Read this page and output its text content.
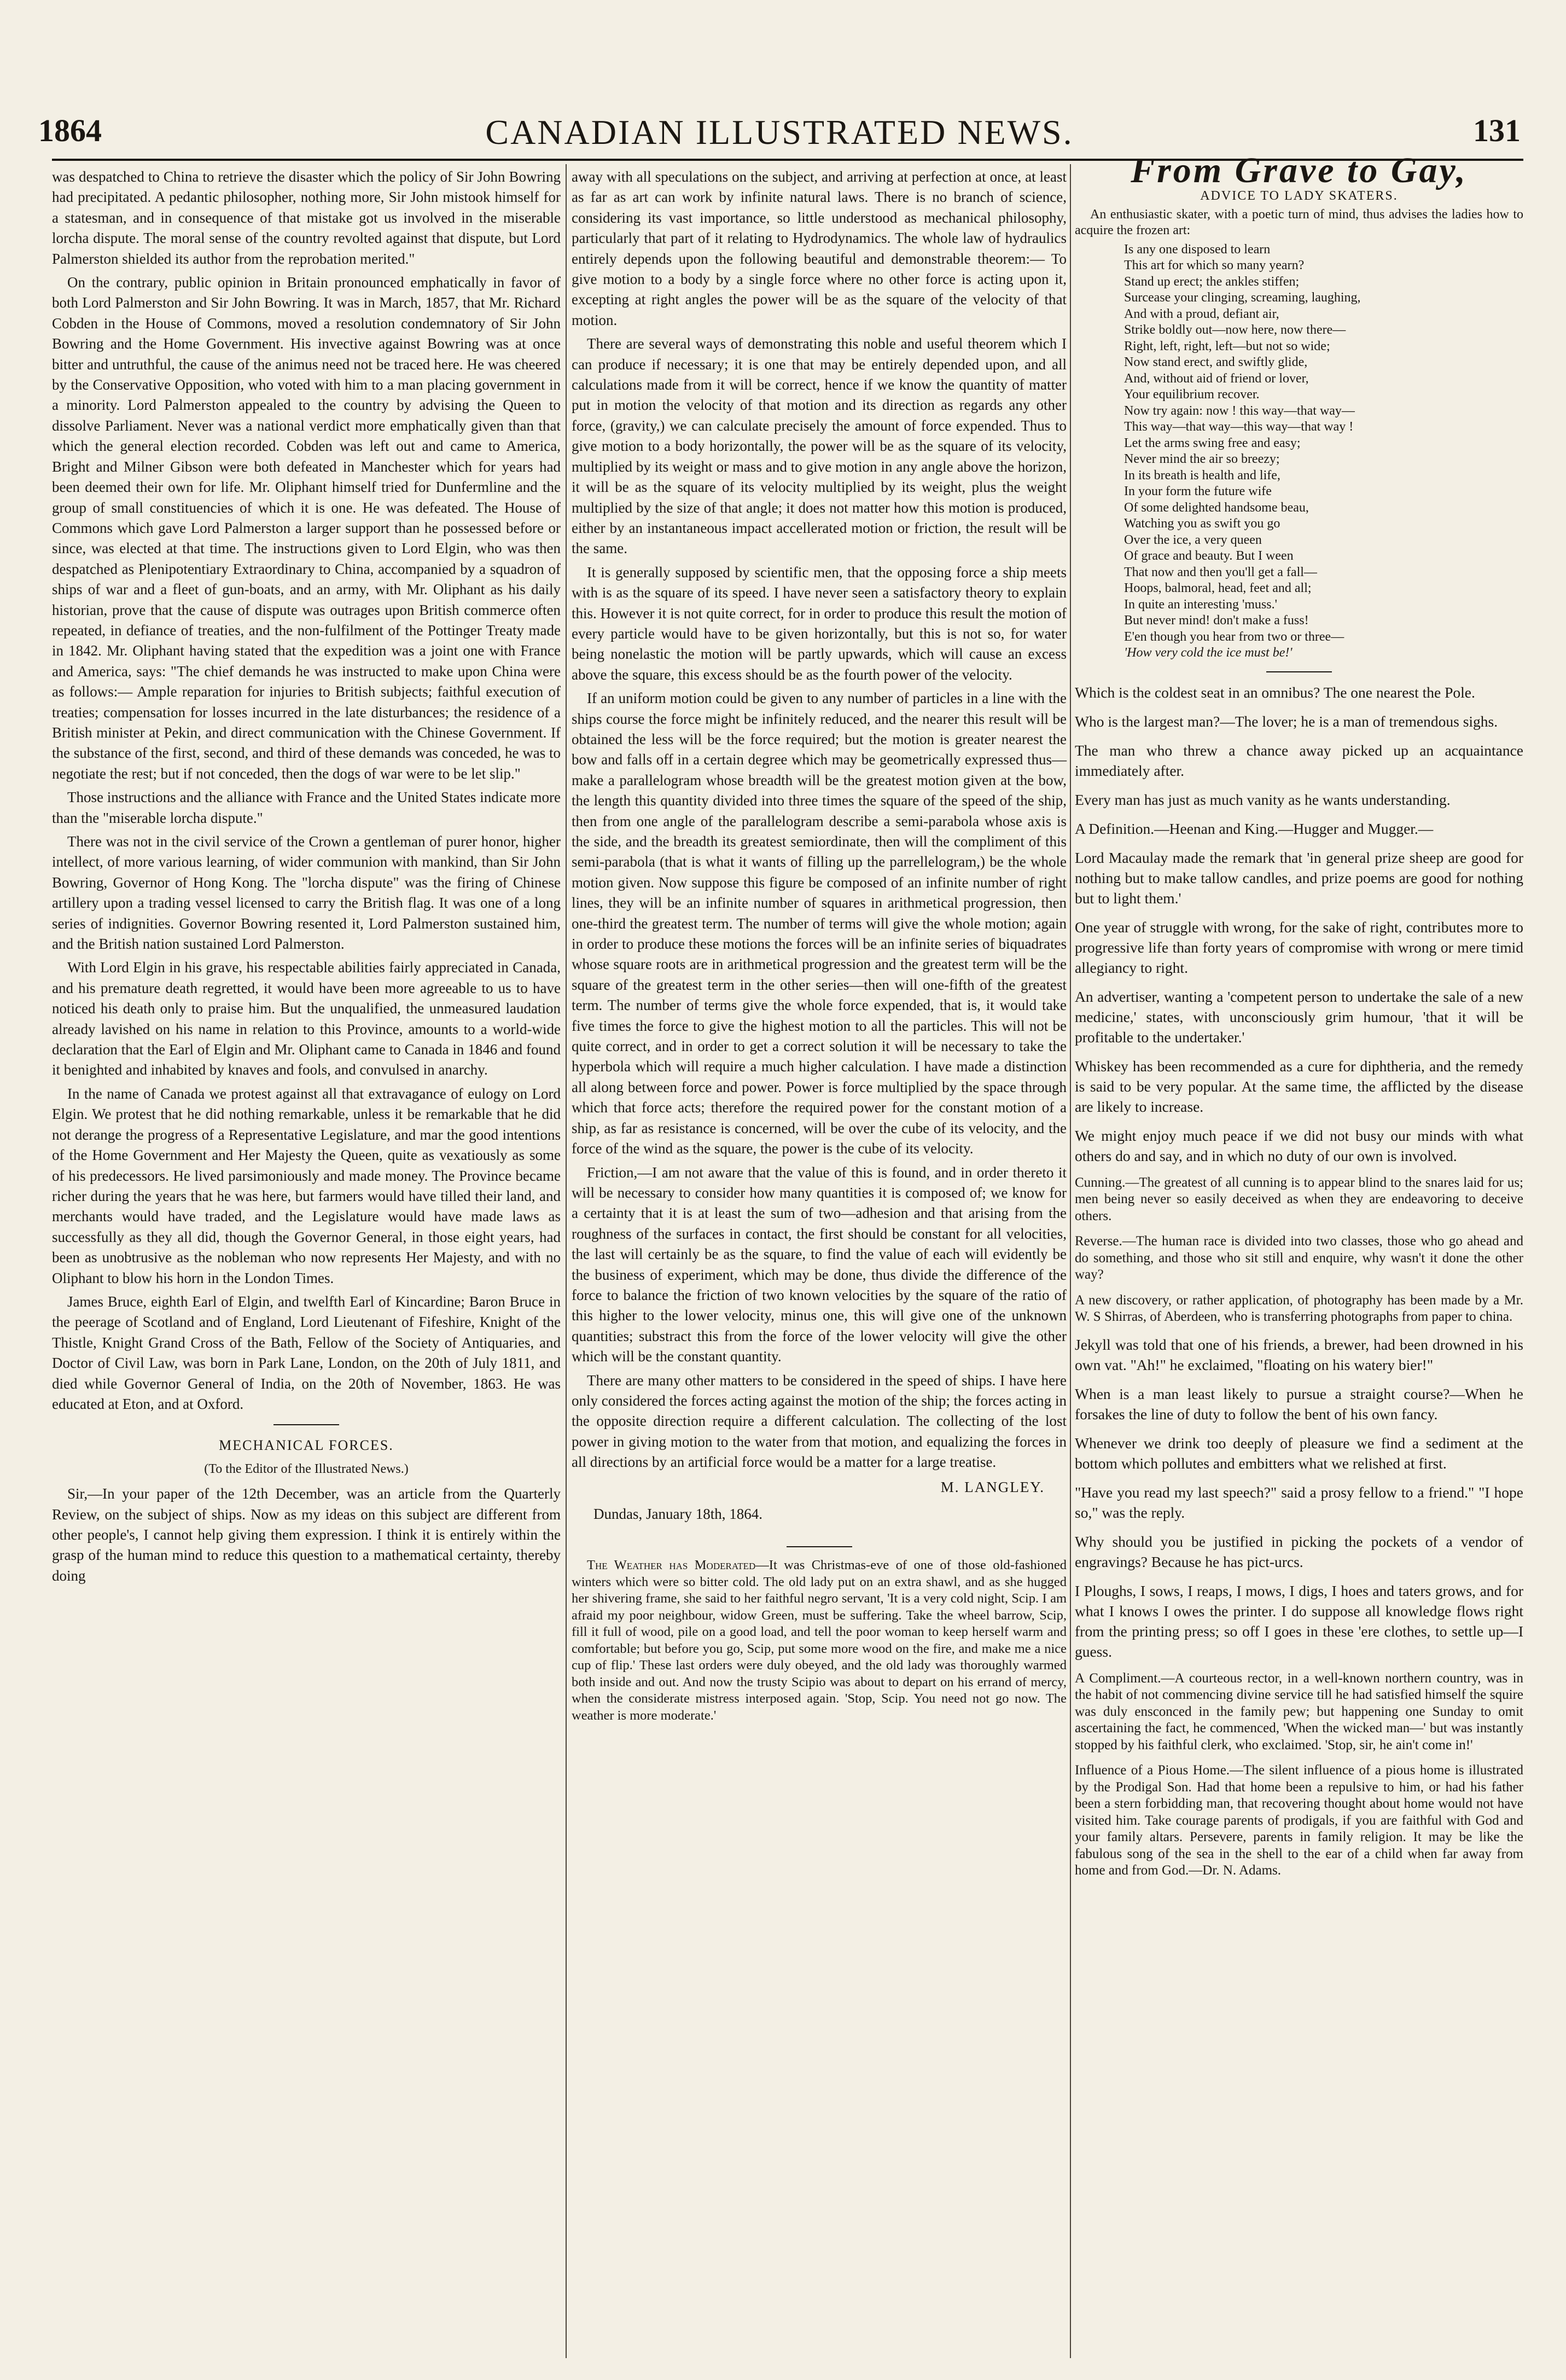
1864	CANADIAN ILLUSTRATED NEWS.	131

was despatched to China to retrieve the disaster which the policy of Sir John Bowring had precipitated. A pedantic philosopher, nothing more, Sir John mistook himself for a statesman, and in consequence of that mistake got us involved in the miserable lorcha dispute. The moral sense of the country revolted against that dispute, but Lord Palmerston shielded its author from the reprobation merited."

On the contrary, public opinion in Britain pronounced emphatically in favor of both Lord Palmerston and Sir John Bowring. It was in March, 1857, that Mr. Richard Cobden in the House of Commons, moved a resolution condemnatory of Sir John Bowring and the Home Government. His invective against Bowring was at once bitter and untruthful, the cause of the animus need not be traced here. He was cheered by the Conservative Opposition, who voted with him to a man placing government in a minority. Lord Palmerston appealed to the country by advising the Queen to dissolve Parliament. Never was a national verdict more emphatically given than that which the general election recorded. Cobden was left out and came to America, Bright and Milner Gibson were both defeated in Manchester which for years had been deemed their own for life. Mr. Oliphant himself tried for Dunfermline and the group of small constituencies of which it is one. He was defeated. The House of Commons which gave Lord Palmerston a larger support than he possessed before or since, was elected at that time. The instructions given to Lord Elgin, who was then despatched as Plenipotentiary Extraordinary to China, accompanied by a squadron of ships of war and a fleet of gun-boats, and an army, with Mr. Oliphant as his daily historian, prove that the cause of dispute was outrages upon British commerce often repeated, in defiance of treaties, and the non-fulfilment of the Pottinger Treaty made in 1842. Mr. Oliphant having stated that the expedition was a joint one with France and America, says: "The chief demands he was instructed to make upon China were as follows:— Ample reparation for injuries to British subjects; faithful execution of treaties; compensation for losses incurred in the late disturbances; the residence of a British minister at Pekin, and direct communication with the Chinese Government. If the substance of the first, second, and third of these demands was conceded, he was to negotiate the rest; but if not conceded, then the dogs of war were to be let slip."

Those instructions and the alliance with France and the United States indicate more than the "miserable lorcha dispute."

There was not in the civil service of the Crown a gentleman of purer honor, higher intellect, of more various learning, of wider communion with mankind, than Sir John Bowring, Governor of Hong Kong. The "lorcha dispute" was the firing of Chinese artillery upon a trading vessel licensed to carry the British flag. It was one of a long series of indignities. Governor Bowring resented it, Lord Palmerston sustained him, and the British nation sustained Lord Palmerston.

With Lord Elgin in his grave, his respectable abilities fairly appreciated in Canada, and his premature death regretted, it would have been more agreeable to us to have noticed his death only to praise him. But the unqualified, the unmeasured laudation already lavished on his name in relation to this Province, amounts to a world-wide declaration that the Earl of Elgin and Mr. Oliphant came to Canada in 1846 and found it benighted and inhabited by knaves and fools, and convulsed in anarchy.

In the name of Canada we protest against all that extravagance of eulogy on Lord Elgin. We protest that he did nothing remarkable, unless it be remarkable that he did not derange the progress of a Representative Legislature, and mar the good intentions of the Home Government and Her Majesty the Queen, quite as vexatiously as some of his predecessors. He lived parsimoniously and made money. The Province became richer during the years that he was here, but farmers would have tilled their land, and merchants would have traded, and the Legislature would have made laws as successfully as they all did, though the Governor General, in those eight years, had been as unobtrusive as the nobleman who now represents Her Majesty, and with no Oliphant to blow his horn in the London Times.

James Bruce, eighth Earl of Elgin, and twelfth Earl of Kincardine; Baron Bruce in the peerage of Scotland and of England, Lord Lieutenant of Fifeshire, Knight of the Thistle, Knight Grand Cross of the Bath, Fellow of the Society of Antiquaries, and Doctor of Civil Law, was born in Park Lane, London, on the 20th of July 1811, and died while Governor General of India, on the 20th of November, 1863. He was educated at Eton, and at Oxford.

MECHANICAL FORCES.
(To the Editor of the Illustrated News.)

Sir,—In your paper of the 12th December, was an article from the Quarterly Review, on the subject of ships. Now as my ideas on this subject are different from other people's, I cannot help giving them expression. I think it is entirely within the grasp of the human mind to reduce this question to a mathematical certainty, thereby doing

away with all speculations on the subject, and arriving at perfection at once, at least as far as art can work by infinite natural laws. There is no branch of science, considering its vast importance, so little understood as mechanical philosophy, particularly that part of it relating to Hydrodynamics. The whole law of hydraulics entirely depends upon the following beautiful and demonstrable theorem:— To give motion to a body by a single force where no other force is acting upon it, excepting at right angles the power will be as the square of the velocity of that motion.

There are several ways of demonstrating this noble and useful theorem which I can produce if necessary; it is one that may be entirely depended upon, and all calculations made from it will be correct, hence if we know the quantity of matter put in motion the velocity of that motion and its direction as regards any other force, (gravity,) we can calculate precisely the amount of force expended. Thus to give motion to a body horizontally, the power will be as the square of its velocity, multiplied by its weight or mass and to give motion in any angle above the horizon, it will be as the square of its velocity multiplied by its weight, plus the weight multiplied by the size of that angle; it does not matter how this motion is produced, either by an instantaneous impact accellerated motion or friction, the result will be the same.

It is generally supposed by scientific men, that the opposing force a ship meets with is as the square of its speed. I have never seen a satisfactory theory to explain this. However it is not quite correct, for in order to produce this result the motion of every particle would have to be given horizontally, but this is not so, for water being nonelastic the motion will be partly upwards, which will cause an excess above the square, this excess should be as the fourth power of the velocity.

If an uniform motion could be given to any number of particles in a line with the ships course the force might be infinitely reduced, and the nearer this result will be obtained the less will be the force required; but the motion is greater nearest the bow and falls off in a certain degree which may be geometrically expressed thus—make a parallelogram whose breadth will be the greatest motion given at the bow, the length this quantity divided into three times the square of the speed of the ship, then from one angle of the parallelogram describe a semi-parabola whose axis is the side, and the breadth its greatest semiordinate, then will the compliment of this semi-parabola (that is what it wants of filling up the parrellelogram,) be the whole motion given. Now suppose this figure be composed of an infinite number of right lines, they will be an infinite number of squares in arithmetical progression, then one-third the greatest term. The number of terms will give the whole motion; again in order to produce these motions the forces will be an infinite series of biquadrates whose square roots are in arithmetical progression and the greatest term will be the square of the greatest term in the other series—then will one-fifth of the greatest term. The number of terms give the whole force expended, that is, it would take five times the force to give the highest motion to all the particles. This will not be quite correct, and in order to get a correct solution it will be necessary to take the hyperbola which will require a much higher calculation. I have made a distinction all along between force and power. Power is force multiplied by the space through which that force acts; therefore the required power for the constant motion of a ship, as far as resistance is concerned, will be over the cube of its velocity, and the force of the wind as the square, the power is the cube of its velocity.

Friction,—I am not aware that the value of this is found, and in order thereto it will be necessary to consider how many quantities it is composed of; we know for a certainty that it is at least the sum of two—adhesion and that arising from the roughness of the surfaces in contact, the first should be constant for all velocities, the last will certainly be as the square, to find the value of each will evidently be the business of experiment, which may be done, thus divide the difference of the force to balance the friction of two known velocities by the square of the ratio of this higher to the lower velocity, minus one, this will give one of the unknown quantities; substract this from the force of the lower velocity will give the other which will be the constant quantity.

There are many other matters to be considered in the speed of ships. I have here only considered the forces acting against the motion of the ship; the forces acting in the opposite direction require a different calculation. The collecting of the lost power in giving motion to the water from that motion, and equalizing the forces in all directions by an artificial force would be a matter for a large treatise.

M. LANGLEY.
Dundas, January 18th, 1864.

The Weather has Moderated—It was Christmas-eve of one of those old-fashioned winters which were so bitter cold. The old lady put on an extra shawl, and as she hugged her shivering frame, she said to her faithful negro servant, 'It is a very cold night, Scip. I am afraid my poor neighbour, widow Green, must be suffering. Take the wheel barrow, Scip, fill it full of wood, pile on a good load, and tell the poor woman to keep herself warm and comfortable; but before you go, Scip, put some more wood on the fire, and make me a nice cup of flip.' These last orders were duly obeyed, and the old lady was thoroughly warmed both inside and out. And now the trusty Scipio was about to depart on his errand of mercy, when the considerate mistress interposed again. 'Stop, Scip. You need not go now. The weather is more moderate.'

From Grave to Gay,
ADVICE TO LADY SKATERS.

An enthusiastic skater, with a poetic turn of mind, thus advises the ladies how to acquire the frozen art:

Is any one disposed to learn
This art for which so many yearn?
Stand up erect; the ankles stiffen;
Surcease your clinging, screaming, laughing,
And with a proud, defiant air,
Strike boldly out—now here, now there—
Right, left, right, left—but not so wide;
Now stand erect, and swiftly glide,
And, without aid of friend or lover,
Your equilibrium recover.
Now try again: now ! this way—that way—
This way—that way—this way—that way !
Let the arms swing free and easy;
Never mind the air so breezy;
In its breath is health and life,
In your form the future wife
Of some delighted handsome beau,
Watching you as swift you go
Over the ice, a very queen
Of grace and beauty. But I ween
That now and then you'll get a fall—
Hoops, balmoral, head, feet and all;
In quite an interesting 'muss.'
But never mind! don't make a fuss!
E'en though you hear from two or three—
'How very cold the ice must be!'

Which is the coldest seat in an omnibus? The one nearest the Pole.

Who is the largest man?—The lover; he is a man of tremendous sighs.

The man who threw a chance away picked up an acquaintance immediately after.

Every man has just as much vanity as he wants understanding.

A Definition.—Heenan and King.—Hugger and Mugger.—

Lord Macaulay made the remark that 'in general prize sheep are good for nothing but to make tallow candles, and prize poems are good for nothing but to light them.'

One year of struggle with wrong, for the sake of right, contributes more to progressive life than forty years of compromise with wrong or mere timid allegiancy to right.

An advertiser, wanting a 'competent person to undertake the sale of a new medicine,' states, with unconsciously grim humour, 'that it will be profitable to the undertaker.'

Whiskey has been recommended as a cure for diphtheria, and the remedy is said to be very popular. At the same time, the afflicted by the disease are likely to increase.

We might enjoy much peace if we did not busy our minds with what others do and say, and in which no duty of our own is involved.

Cunning.—The greatest of all cunning is to appear blind to the snares laid for us; men being never so easily deceived as when they are endeavoring to deceive others.

Reverse.—The human race is divided into two classes, those who go ahead and do something, and those who sit still and enquire, why wasn't it done the other way?

A new discovery, or rather application, of photography has been made by a Mr. W. S Shirras, of Aberdeen, who is transferring photographs from paper to china.

Jekyll was told that one of his friends, a brewer, had been drowned in his own vat. "Ah!" he exclaimed, "floating on his watery bier!"

When is a man least likely to pursue a straight course?—When he forsakes the line of duty to follow the bent of his own fancy.

Whenever we drink too deeply of pleasure we find a sediment at the bottom which pollutes and embitters what we relished at first.

"Have you read my last speech?" said a prosy fellow to a friend." "I hope so," was the reply.

Why should you be justified in picking the pockets of a vendor of engravings? Because he has pict-urcs.

I Ploughs, I sows, I reaps, I mows, I digs, I hoes and taters grows, and for what I knows I owes the printer. I do suppose all knowledge flows right from the printing press; so off I goes in these 'ere clothes, to settle up—I guess.

A Compliment.—A courteous rector, in a well-known northern country, was in the habit of not commencing divine service till he had satisfied himself the squire was duly ensconced in the family pew; but happening one Sunday to omit ascertaining the fact, he commenced, 'When the wicked man—' but was instantly stopped by his faithful clerk, who exclaimed. 'Stop, sir, he ain't come in!'

Influence of a Pious Home.—The silent influence of a pious home is illustrated by the Prodigal Son. Had that home been a repulsive to him, or had his father been a stern forbidding man, that recovering thought about home would not have visited him. Take courage parents of prodigals, if you are faithful with God and your family altars. Persevere, parents in family religion. It may be like the fabulous song of the sea in the shell to the ear of a child when far away from home and from God.—Dr. N. Adams.
